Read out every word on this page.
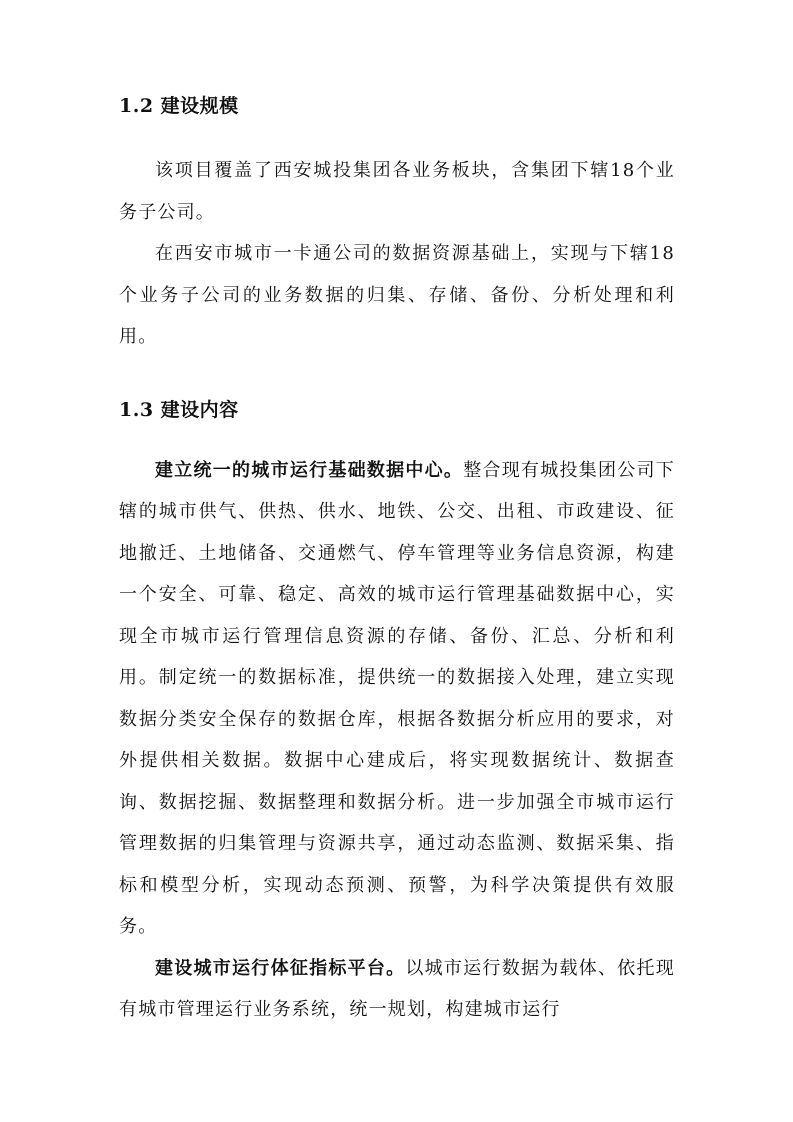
1.2 建设规模

该项目覆盖了西安城投集团各业务板块，含集团下辖18个业务子公司。

在西安市城市一卡通公司的数据资源基础上，实现与下辖18个业务子公司的业务数据的归集、存储、备份、分析处理和利用。

1.3 建设内容

建立统一的城市运行基础数据中心。整合现有城投集团公司下辖的城市供气、供热、供水、地铁、公交、出租、市政建设、征地撤迁、土地储备、交通燃气、停车管理等业务信息资源，构建一个安全、可靠、稳定、高效的城市运行管理基础数据中心，实现全市城市运行管理信息资源的存储、备份、汇总、分析和利用。制定统一的数据标准，提供统一的数据接入处理，建立实现数据分类安全保存的数据仓库，根据各数据分析应用的要求，对外提供相关数据。数据中心建成后，将实现数据统计、数据查询、数据挖掘、数据整理和数据分析。进一步加强全市城市运行管理数据的归集管理与资源共享，通过动态监测、数据采集、指标和模型分析，实现动态预测、预警，为科学决策提供有效服务。

建设城市运行体征指标平台。以城市运行数据为载体、依托现有城市管理运行业务系统，统一规划，构建城市运行
